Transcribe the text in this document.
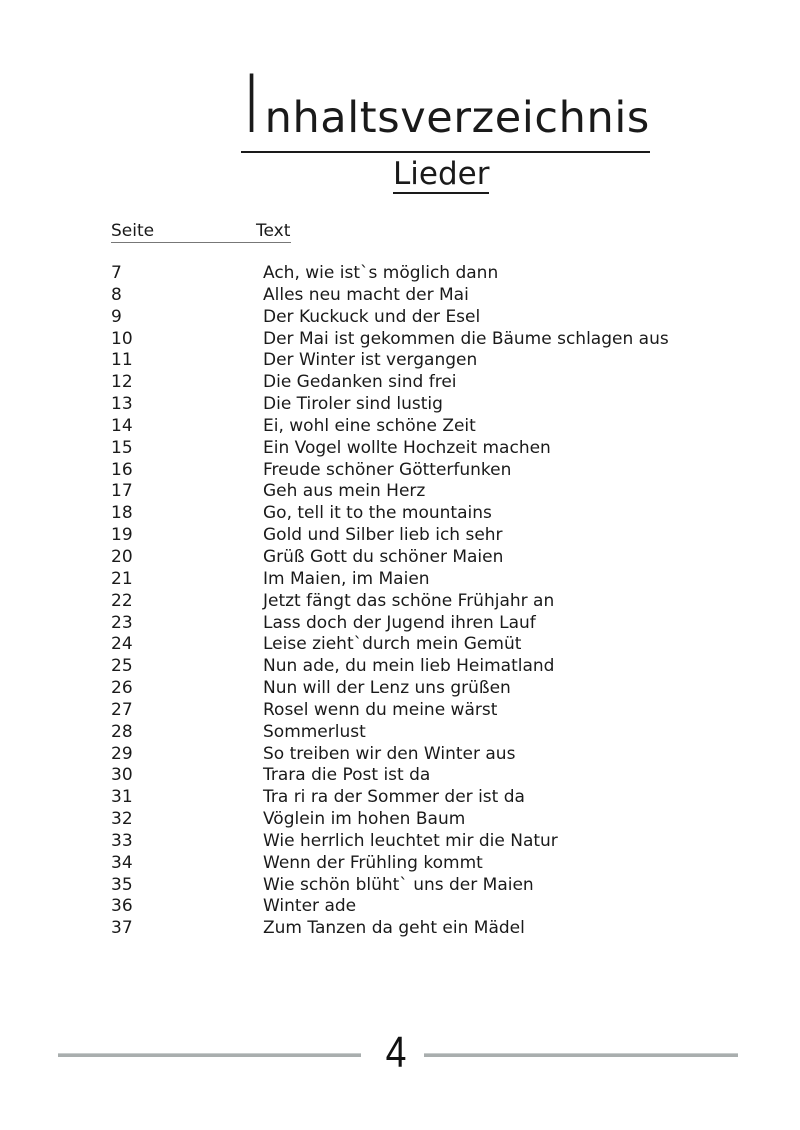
Inhaltsverzeichnis
Lieder
Seite	Text
7	Ach, wie ist`s möglich dann
8	Alles neu macht der Mai
9	Der Kuckuck und der Esel
10	Der Mai ist gekommen die Bäume schlagen aus
11	Der Winter ist vergangen
12	Die Gedanken sind frei
13	Die Tiroler sind lustig
14	Ei, wohl eine schöne Zeit
15	Ein Vogel wollte Hochzeit machen
16	Freude schöner Götterfunken
17	Geh aus mein Herz
18	Go, tell it to the mountains
19	Gold und Silber lieb ich sehr
20	Grüß Gott du schöner Maien
21	Im Maien, im Maien
22	Jetzt fängt das schöne Frühjahr an
23	Lass doch der Jugend ihren Lauf
24	Leise zieht`durch mein Gemüt
25	Nun ade, du mein lieb Heimatland
26	Nun will der Lenz uns grüßen
27	Rosel wenn du meine wärst
28	Sommerlust
29	So treiben wir den Winter aus
30	Trara die Post ist da
31	Tra ri ra der Sommer der ist da
32	Vöglein im hohen Baum
33	Wie herrlich leuchtet mir die Natur
34	Wenn der Frühling kommt
35	Wie schön blüht` uns der Maien
36	Winter ade
37	Zum Tanzen da geht ein Mädel
4
